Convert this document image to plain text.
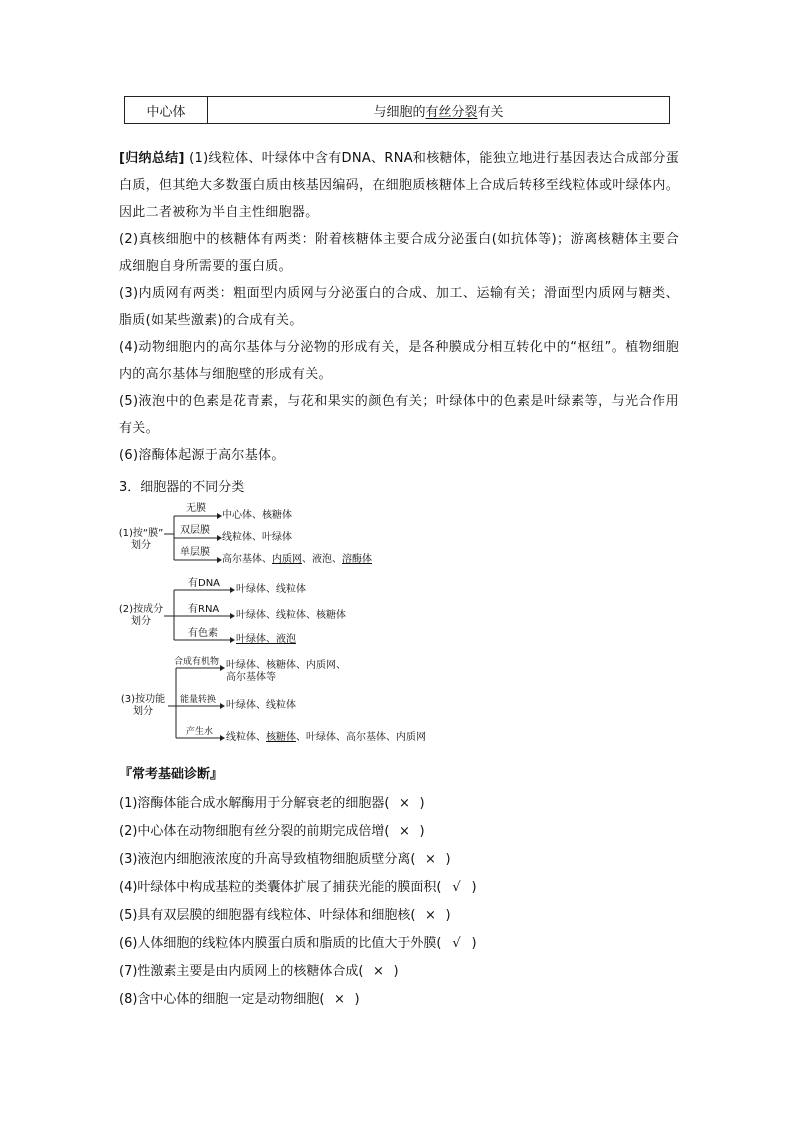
中心体	与细胞的 有丝分裂 有关

[归纳总结] (1)线粒体、叶绿体中含有DNA、RNA和核糖体，能独立地进行基因表达合成部分蛋白质，但其绝大多数蛋白质由核基因编码，在细胞质核糖体上合成后转移至线粒体或叶绿体内。 因此二者被称为半自主性细胞器。

(2)真核细胞中的核糖体有两类：附着核糖体主要合成分泌蛋白(如抗体等)；游离核糖体主要合成细胞自身所需要的蛋白质。

(3)内质网有两类：粗面型内质网与分泌蛋白的合成、加工、运输有关；滑面型内质网与糖类、脂质(如某些激素)的合成有关。

(4)动物细胞内的高尔基体与分泌物的形成有关，是各种膜成分相互转化中的“枢纽”。植物细胞内的高尔基体与细胞壁的形成有关。

(5)液泡中的色素是花青素，与花和果实的颜色有关；叶绿体中的色素是叶绿素等，与光合作用有关。

(6)溶酶体起源于高尔基体。

3．细胞器的不同分类
(1)按“膜”
划分
无膜
中心体、核糖体
双层膜
线粒体、叶绿体
单层膜
高尔基体、内质网、液泡、溶酶体
(2)按成分
划分
有DNA
叶绿体、线粒体
有RNA
叶绿体、线粒体、核糖体
有色素
叶绿体、液泡
(3)按功能
划分
合成有机物 叶绿体、核糖体、内质网、
高尔基体等
能量转换 叶绿体、线粒体
产生水 线粒体、核糖体、叶绿体、高尔基体、内质网
『常考基础诊断』
(1)溶酶体能合成水解酶用于分解衰老的细胞器( × )
(2)中心体在动物细胞有丝分裂的前期完成倍增( × )
(3)液泡内细胞液浓度的升高导致植物细胞质壁分离( × )
(4)叶绿体中构成基粒的类囊体扩展了捕获光能的膜面积( √ )
(5)具有双层膜的细胞器有线粒体、叶绿体和细胞核( × )
(6)人体细胞的线粒体内膜蛋白质和脂质的比值大于外膜( √ )
(7)性激素主要是由内质网上的核糖体合成( × )
(8)含中心体的细胞一定是动物细胞( × )
